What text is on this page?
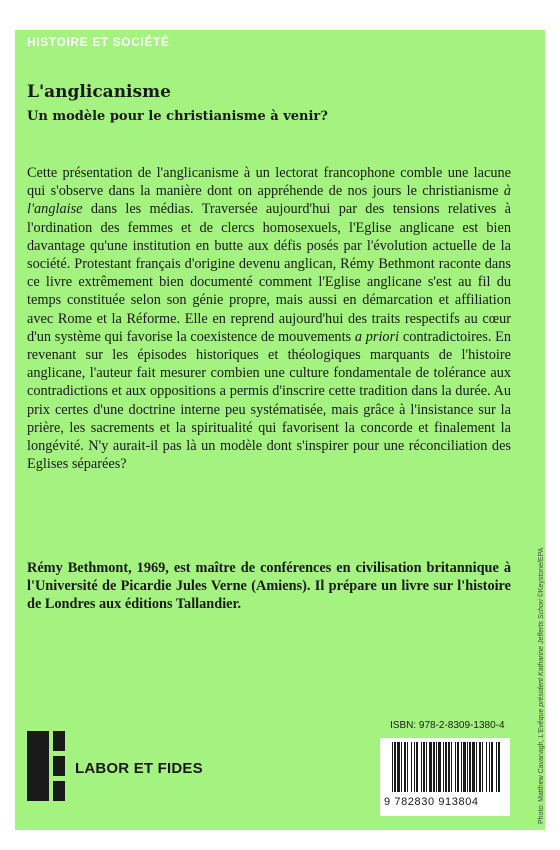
HISTOIRE ET SOCIÉTÉ
L'anglicanisme
Un modèle pour le christianisme à venir?

Cette présentation de l'anglicanisme à un lectorat francophone comble une lacune qui s'observe dans la manière dont on appréhende de nos jours le christianisme à l'anglaise dans les médias. Traversée aujourd'hui par des tensions relatives à l'ordination des femmes et de clercs homosexuels, l'Eglise anglicane est bien davantage qu'une institution en butte aux défis posés par l'évolution actuelle de la société. Protestant français d'origine devenu anglican, Rémy Bethmont raconte dans ce livre extrêmement bien documenté comment l'Eglise anglicane s'est au fil du temps constituée selon son génie propre, mais aussi en démarcation et affiliation avec Rome et la Réforme. Elle en reprend aujourd'hui des traits respectifs au cœur d'un système qui favorise la coexistence de mouvements a priori contradictoires. En revenant sur les épisodes historiques et théologiques marquants de l'histoire anglicane, l'auteur fait mesurer combien une culture fondamentale de tolérance aux contradictions et aux oppositions a permis d'inscrire cette tradition dans la durée. Au prix certes d'une doctrine interne peu systématisée, mais grâce à l'insistance sur la prière, les sacrements et la spiritualité qui favorisent la concorde et finalement la longévité. N'y aurait-il pas là un modèle dont s'inspirer pour une réconciliation des Eglises séparées?

Rémy Bethmont, 1969, est maître de conférences en civilisation britannique à l'Université de Picardie Jules Verne (Amiens). Il prépare un livre sur l'histoire de Londres aux éditions Tallandier.

Photo: Matthew Cavanagh, L'Evêque président Katharine Jefferts Schori ©Keystone/EPA
LABOR ET FIDES
ISBN: 978-2-8309-1380-4
9 782830 913804
